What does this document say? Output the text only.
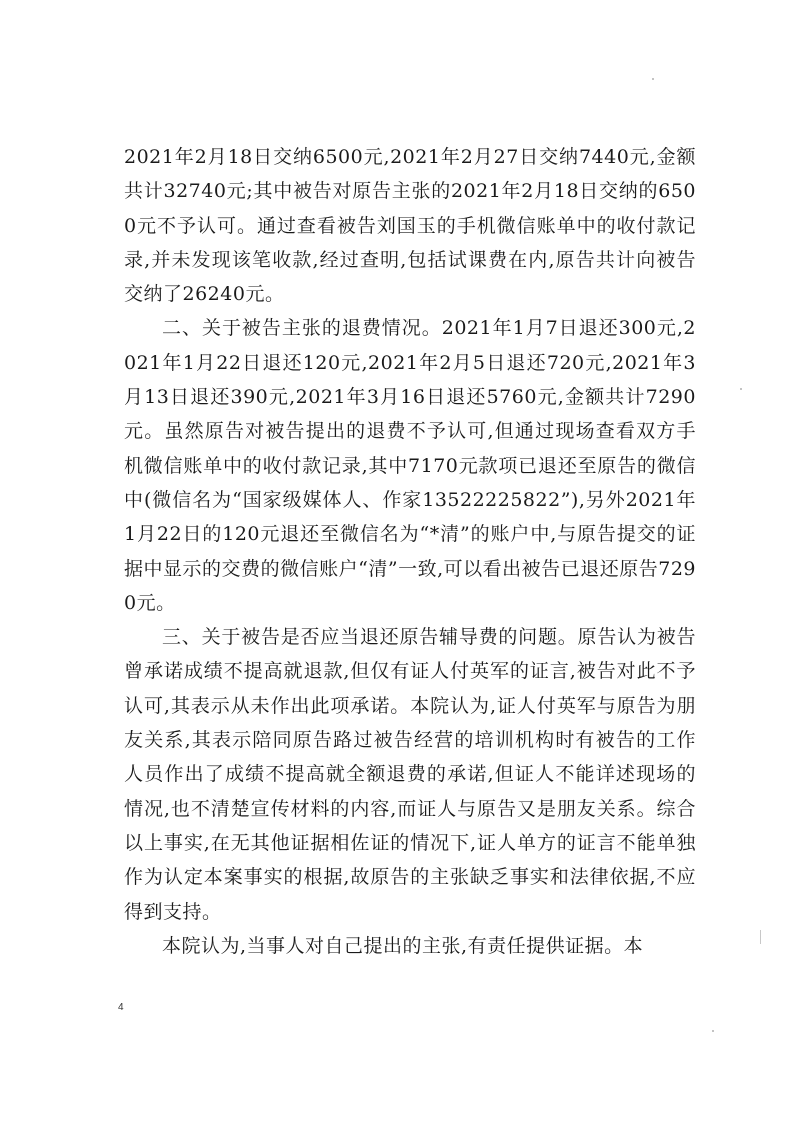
2021年2月18日交纳6500元,2021年2月27日交纳7440元,金额共计32740元;其中被告对原告主张的2021年2月18日交纳的6500元不予认可。通过查看被告刘国玉的手机微信账单中的收付款记录,并未发现该笔收款,经过查明,包括试课费在内,原告共计向被告交纳了26240元。

二、关于被告主张的退费情况。2021年1月7日退还300元,2021年1月22日退还120元,2021年2月5日退还720元,2021年3月13日退还390元,2021年3月16日退还5760元,金额共计7290元。虽然原告对被告提出的退费不予认可,但通过现场查看双方手机微信账单中的收付款记录,其中7170元款项已退还至原告的微信中(微信名为“国家级媒体人、作家13522225822”),另外2021年1月22日的120元退还至微信名为“*清”的账户中,与原告提交的证据中显示的交费的微信账户“清”一致,可以看出被告已退还原告7290元。

三、关于被告是否应当退还原告辅导费的问题。原告认为被告曾承诺成绩不提高就退款,但仅有证人付英军的证言,被告对此不予认可,其表示从未作出此项承诺。本院认为,证人付英军与原告为朋友关系,其表示陪同原告路过被告经营的培训机构时有被告的工作人员作出了成绩不提高就全额退费的承诺,但证人不能详述现场的情况,也不清楚宣传材料的内容,而证人与原告又是朋友关系。综合以上事实,在无其他证据相佐证的情况下,证人单方的证言不能单独作为认定本案事实的根据,故原告的主张缺乏事实和法律依据,不应得到支持。

本院认为,当事人对自己提出的主张,有责任提供证据。本

4
